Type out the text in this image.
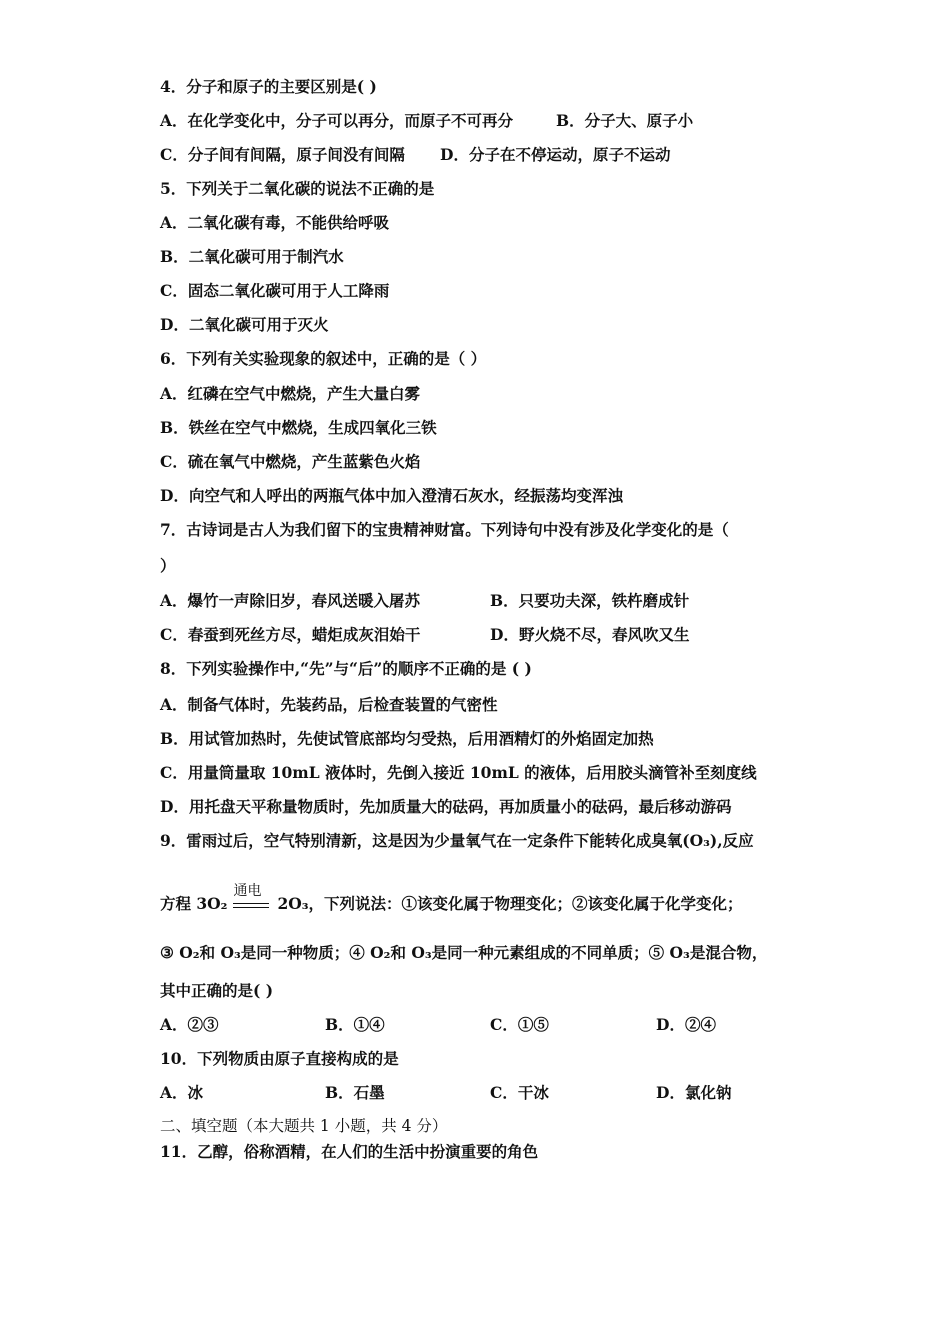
4．分子和原子的主要区别是( )
A．在化学变化中，分子可以再分，而原子不可再分	B．分子大、原子小
C．分子间有间隔，原子间没有间隔 D．分子在不停运动，原子不运动
5．下列关于二氧化碳的说法不正确的是
A．二氧化碳有毒，不能供给呼吸
B．二氧化碳可用于制汽水
C．固态二氧化碳可用于人工降雨
D．二氧化碳可用于灭火
6．下列有关实验现象的叙述中，正确的是（ ）
A．红磷在空气中燃烧，产生大量白雾
B．铁丝在空气中燃烧，生成四氧化三铁
C．硫在氧气中燃烧，产生蓝紫色火焰
D．向空气和人呼出的两瓶气体中加入澄清石灰水，经振荡均变浑浊
7．古诗词是古人为我们留下的宝贵精神财富。下列诗句中没有涉及化学变化的是（
）
A．爆竹一声除旧岁，春风送暖入屠苏	B．只要功夫深，铁杵磨成针
C．春蚕到死丝方尽，蜡炬成灰泪始干	D．野火烧不尽，春风吹又生
8．下列实验操作中,“先”与“后”的顺序不正确的是 ( )
A．制备气体时，先装药品，后检查装置的气密性
B．用试管加热时，先使试管底部均匀受热，后用酒精灯的外焰固定加热
C．用量筒量取 10mL 液体时，先倒入接近 10mL 的液体，后用胶头滴管补至刻度线
D．用托盘天平称量物质时，先加质量大的砝码，再加质量小的砝码，最后移动游码
9．雷雨过后，空气特别清新，这是因为少量氧气在一定条件下能转化成臭氧(O₃),反应
方程 3O₂
通电
2O₃，下列说法：①该变化属于物理变化；②该变化属于化学变化；
③ O₂和 O₃是同一种物质；④ O₂和 O₃是同一种元素组成的不同单质；⑤ O₃是混合物，
其中正确的是( )
A．②③	B．①④	C．①⑤	D．②④
10．下列物质由原子直接构成的是
A．冰	B．石墨	C．干冰	D．氯化钠
二、填空题（本大题共 1 小题，共 4 分）
11．乙醇，俗称酒精，在人们的生活中扮演重要的角色
